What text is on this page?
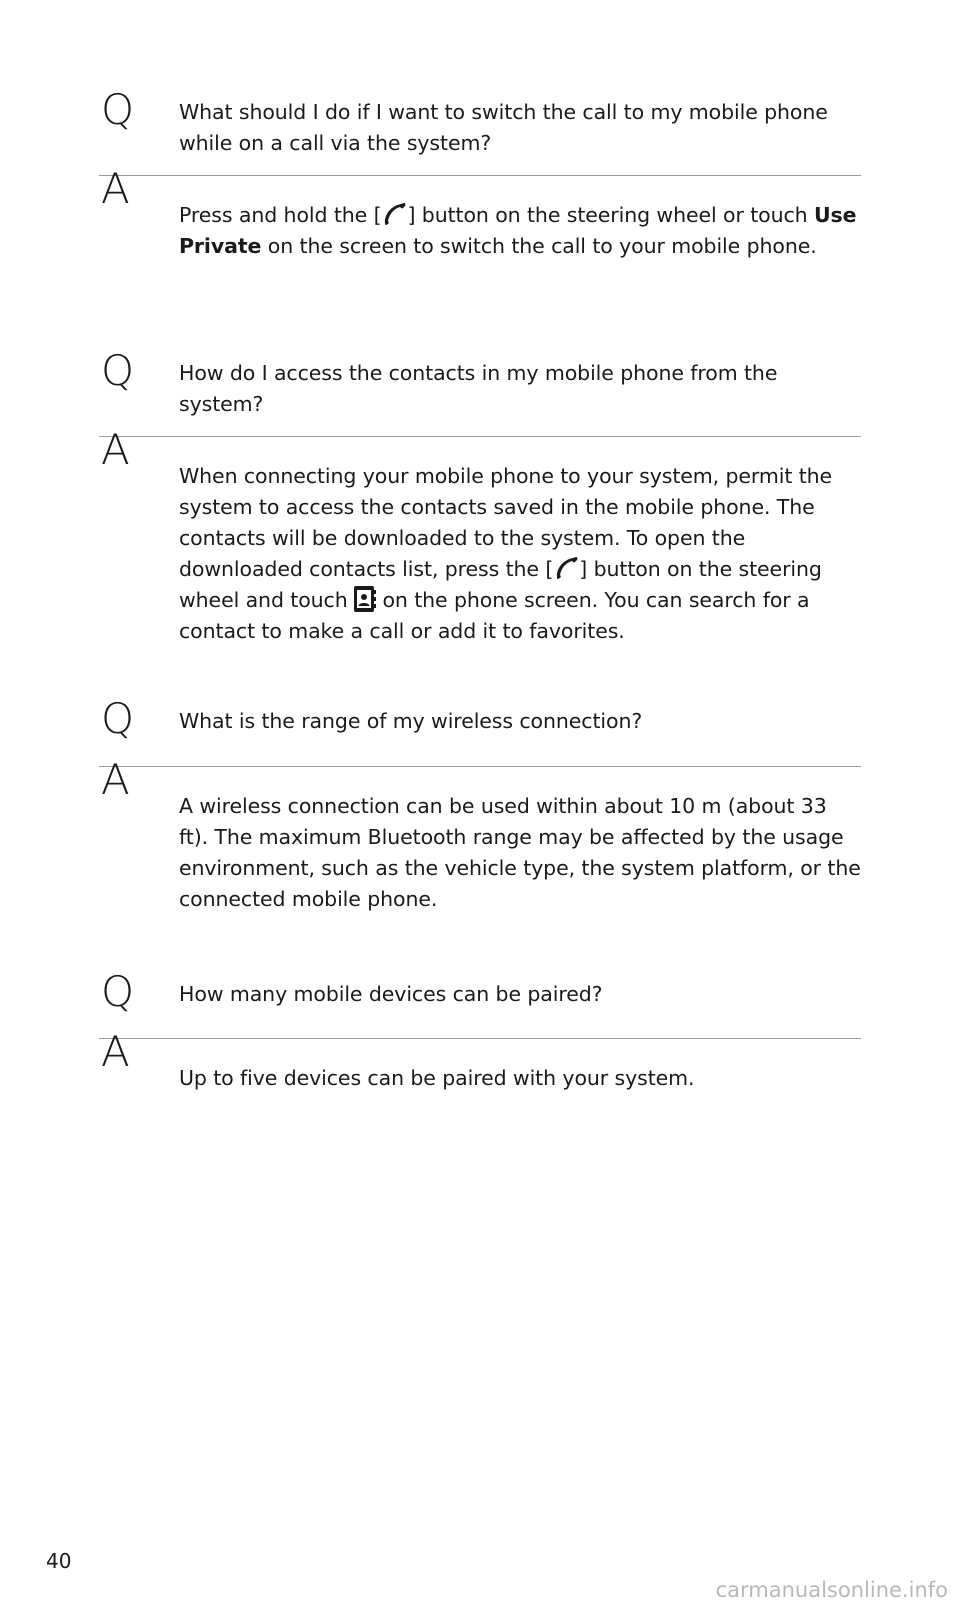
Q What should I do if I want to switch the call to my mobile phone while on a call via the system?
A
Press and hold the [ ] button on the steering wheel or touch Use Private on the screen to switch the call to your mobile phone.
Q How do I access the contacts in my mobile phone from the system?
A
When connecting your mobile phone to your system, permit the system to access the contacts saved in the mobile phone. The contacts will be downloaded to the system. To open the downloaded contacts list, press the [ ] button on the steering wheel and touch  on the phone screen. You can search for a contact to make a call or add it to favorites.
Q What is the range of my wireless connection?
A
A wireless connection can be used within about 10 m (about 33 ft). The maximum Bluetooth range may be affected by the usage environment, such as the vehicle type, the system platform, or the connected mobile phone.
Q How many mobile devices can be paired?
A
Up to five devices can be paired with your system.
40
carmanualsonline.info
